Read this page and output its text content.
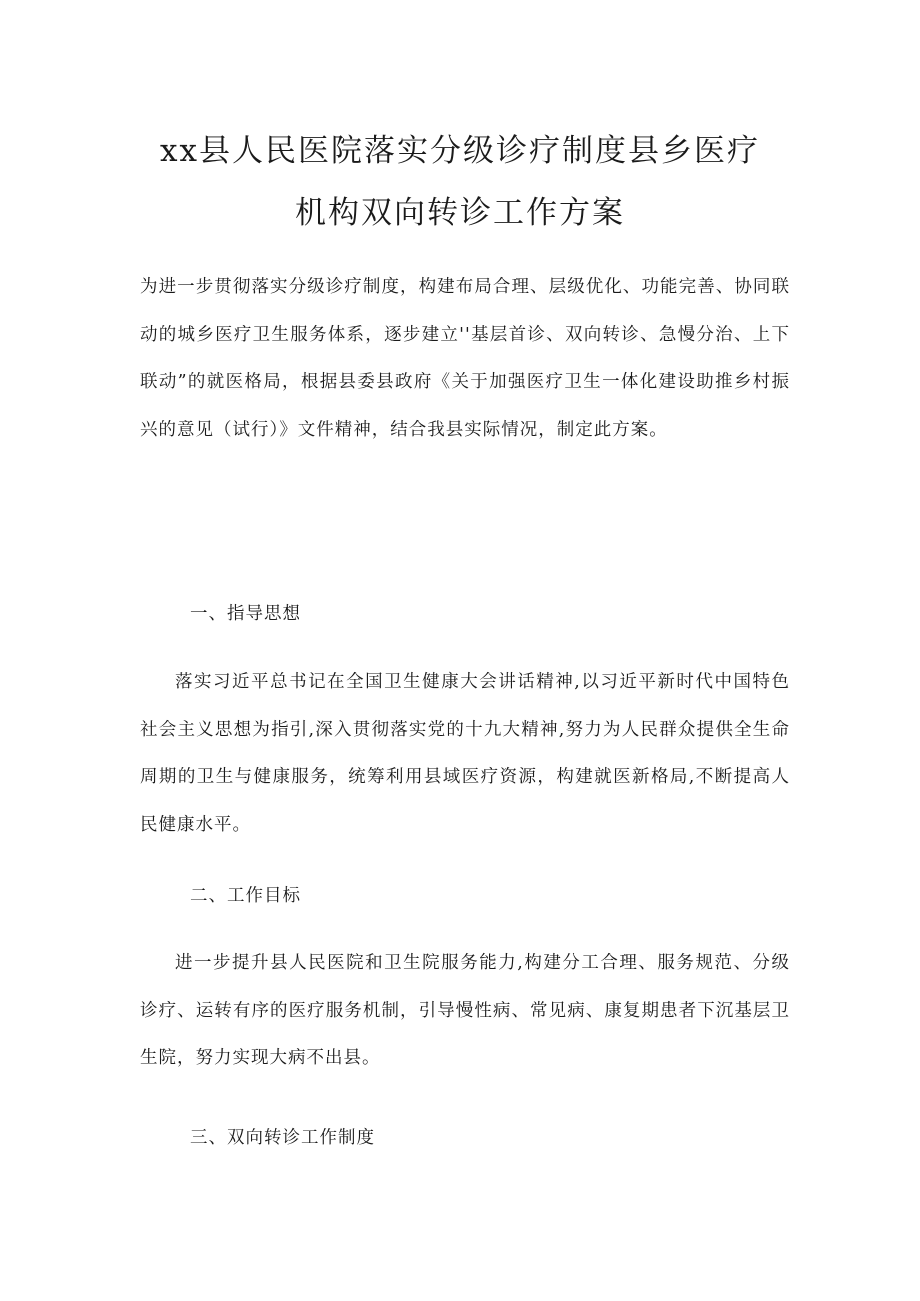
xx县人民医院落实分级诊疗制度县乡医疗
机构双向转诊工作方案

为进一步贯彻落实分级诊疗制度，构建布局合理、层级优化、功能完善、协同联动的城乡医疗卫生服务体系，逐步建立''基层首诊、双向转诊、急慢分治、上下联动”的就医格局，根据县委县政府《关于加强医疗卫生一体化建设助推乡村振兴的意见（试行）》文件精神，结合我县实际情况，制定此方案。

一、指导思想

落实习近平总书记在全国卫生健康大会讲话精神,以习近平新时代中国特色社会主义思想为指引,深入贯彻落实党的十九大精神,努力为人民群众提供全生命周期的卫生与健康服务，统筹利用县域医疗资源，构建就医新格局,不断提高人民健康水平。

二、工作目标

进一步提升县人民医院和卫生院服务能力,构建分工合理、服务规范、分级诊疗、运转有序的医疗服务机制，引导慢性病、常见病、康复期患者下沉基层卫生院，努力实现大病不出县。

三、双向转诊工作制度
